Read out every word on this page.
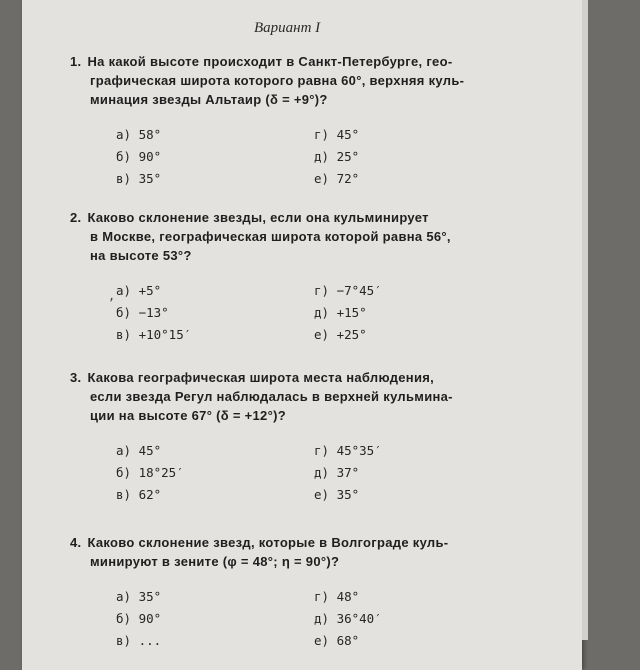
Вариант I
1. На какой высоте происходит в Санкт-Петербурге, гео-
графическая широта которого равна 60°, верхняя куль-
минация звезды Альтаир (δ = +9°)?
а) 58°
б) 90°
в) 35°
г) 45°
д) 25°
е) 72°
2. Каково склонение звезды, если она кульминирует
в Москве, географическая широта которой равна 56°,
на высоте 53°?
, а) +5°
б) −13°
в) +10°15′
г) −7°45′
д) +15°
е) +25°
3. Какова географическая широта места наблюдения,
если звезда Регул наблюдалась в верхней кульмина-
ции на высоте 67° (δ = +12°)?
а) 45°
б) 18°25′
в) 62°
г) 45°35′
д) 37°
е) 35°
4. Каково склонение звезд, которые в Волгограде куль-
минируют в зените (φ = 48°; η = 90°)?
а) 35°
б) 90°
в) ...
г) 48°
д) 36°40′
е) 68°
